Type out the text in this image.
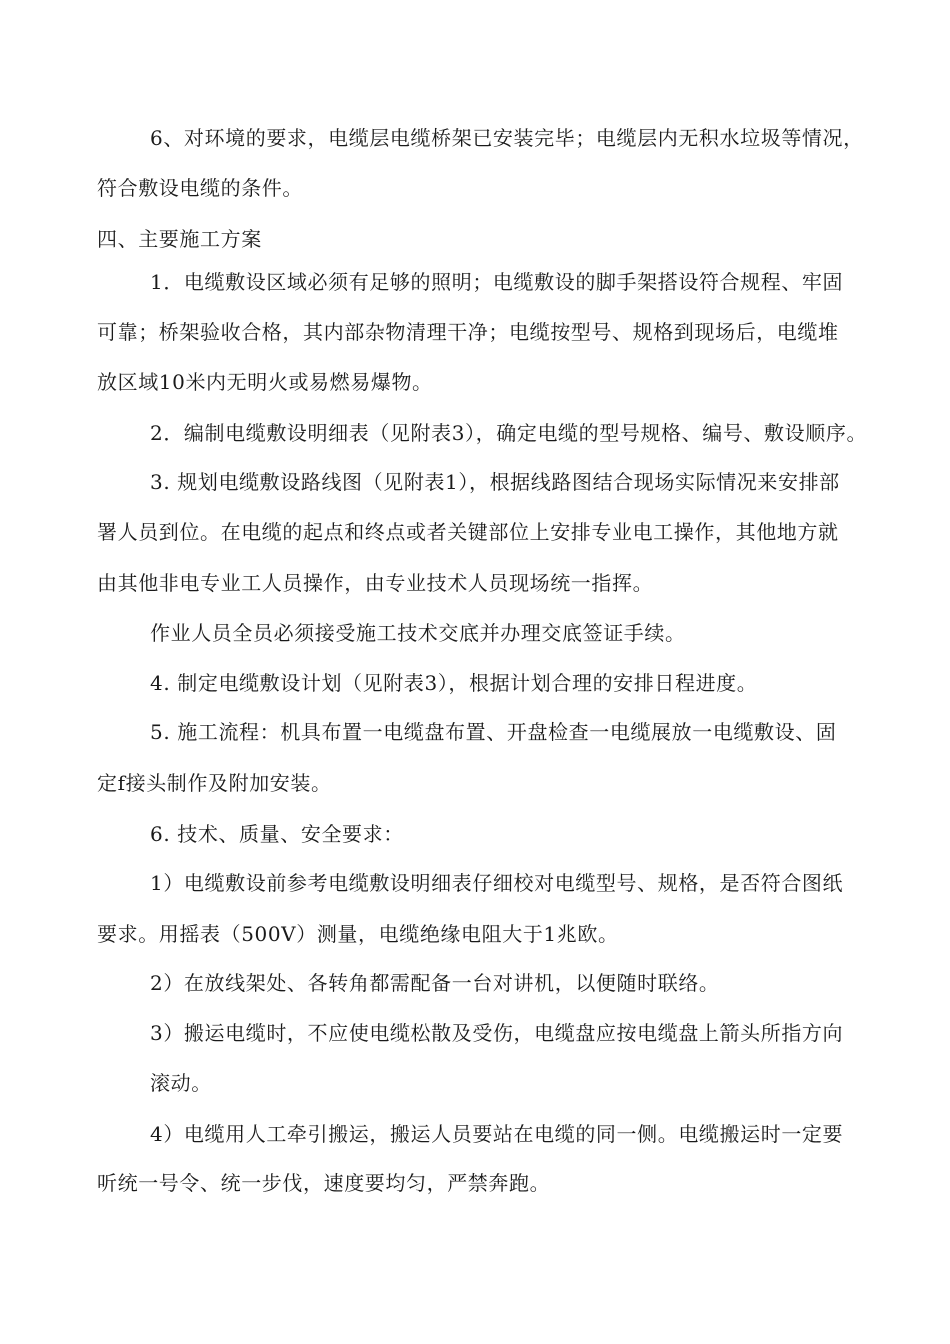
6、对环境的要求，电缆层电缆桥架已安装完毕；电缆层内无积水垃圾等情况，
符合敷设电缆的条件。
四、主要施工方案
1．电缆敷设区域必须有足够的照明；电缆敷设的脚手架搭设符合规程、牢固
可靠；桥架验收合格，其内部杂物清理干净；电缆按型号、规格到现场后，电缆堆
放区域10米内无明火或易燃易爆物。
2．编制电缆敷设明细表（见附表3），确定电缆的型号规格、编号、敷设顺序。
3. 规划电缆敷设路线图（见附表1），根据线路图结合现场实际情况来安排部
署人员到位。在电缆的起点和终点或者关键部位上安排专业电工操作，其他地方就
由其他非电专业工人员操作，由专业技术人员现场统一指挥。
作业人员全员必须接受施工技术交底并办理交底签证手续。
4. 制定电缆敷设计划（见附表3），根据计划合理的安排日程进度。
5. 施工流程：机具布置一电缆盘布置、开盘检查一电缆展放一电缆敷设、固
定f接头制作及附加安装。
6. 技术、质量、安全要求：
1）电缆敷设前参考电缆敷设明细表仔细校对电缆型号、规格，是否符合图纸
要求。用摇表（500V）测量，电缆绝缘电阻大于1兆欧。
2）在放线架处、各转角都需配备一台对讲机，以便随时联络。
3）搬运电缆时，不应使电缆松散及受伤，电缆盘应按电缆盘上箭头所指方向
滚动。
4）电缆用人工牵引搬运，搬运人员要站在电缆的同一侧。电缆搬运时一定要
听统一号令、统一步伐，速度要均匀，严禁奔跑。
